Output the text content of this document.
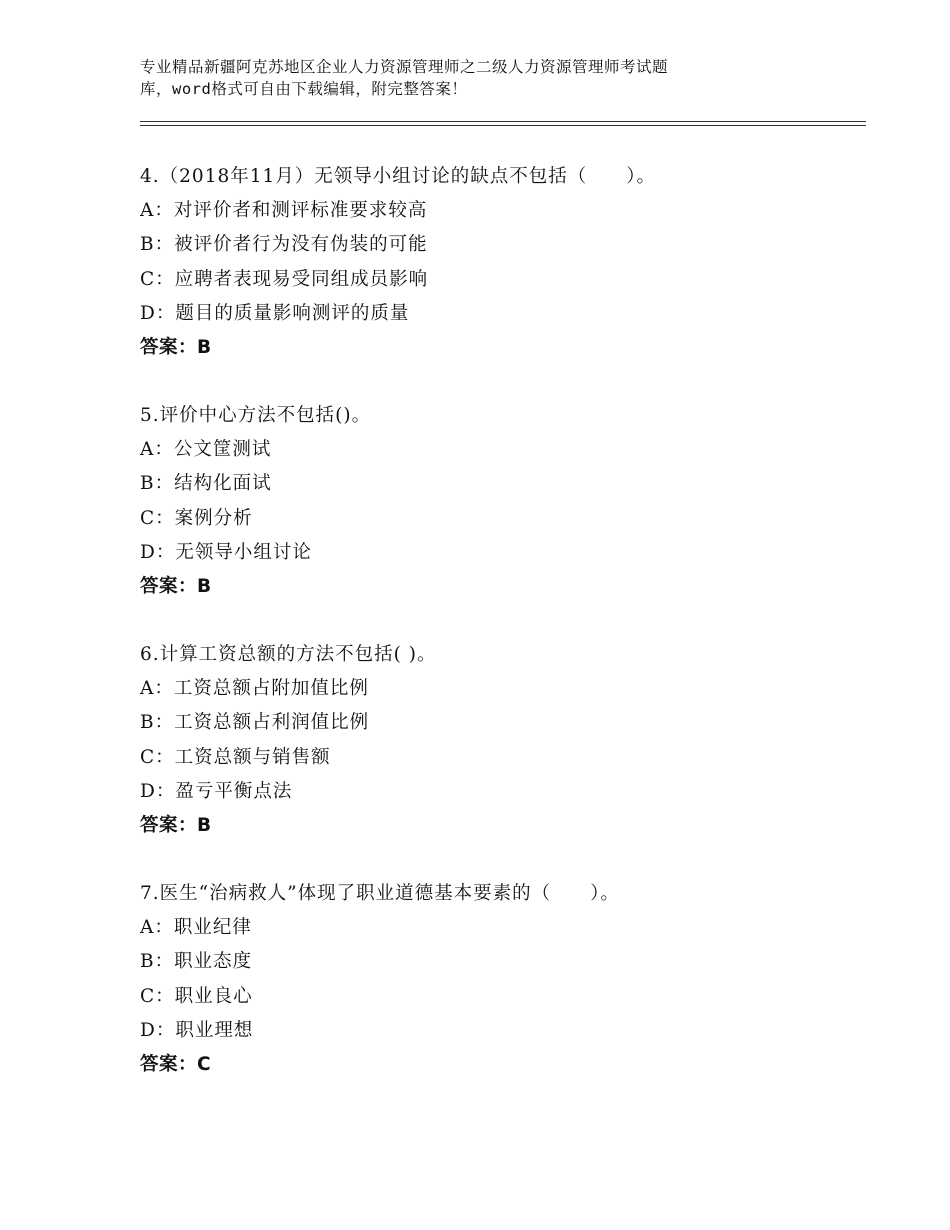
专业精品新疆阿克苏地区企业人力资源管理师之二级人力资源管理师考试题
库，word格式可自由下载编辑，附完整答案！
4.（2018年11月）无领导小组讨论的缺点不包括（　　）。
A：对评价者和测评标准要求较高
B：被评价者行为没有伪装的可能
C：应聘者表现易受同组成员影响
D：题目的质量影响测评的质量
答案：B
5.评价中心方法不包括()。
A：公文筐测试
B：结构化面试
C：案例分析
D：无领导小组讨论
答案：B
6.计算工资总额的方法不包括( )。
A：工资总额占附加值比例
B：工资总额占利润值比例
C：工资总额与销售额
D：盈亏平衡点法
答案：B
7.医生“治病救人”体现了职业道德基本要素的（　　）。
A：职业纪律
B：职业态度
C：职业良心
D：职业理想
答案：C
